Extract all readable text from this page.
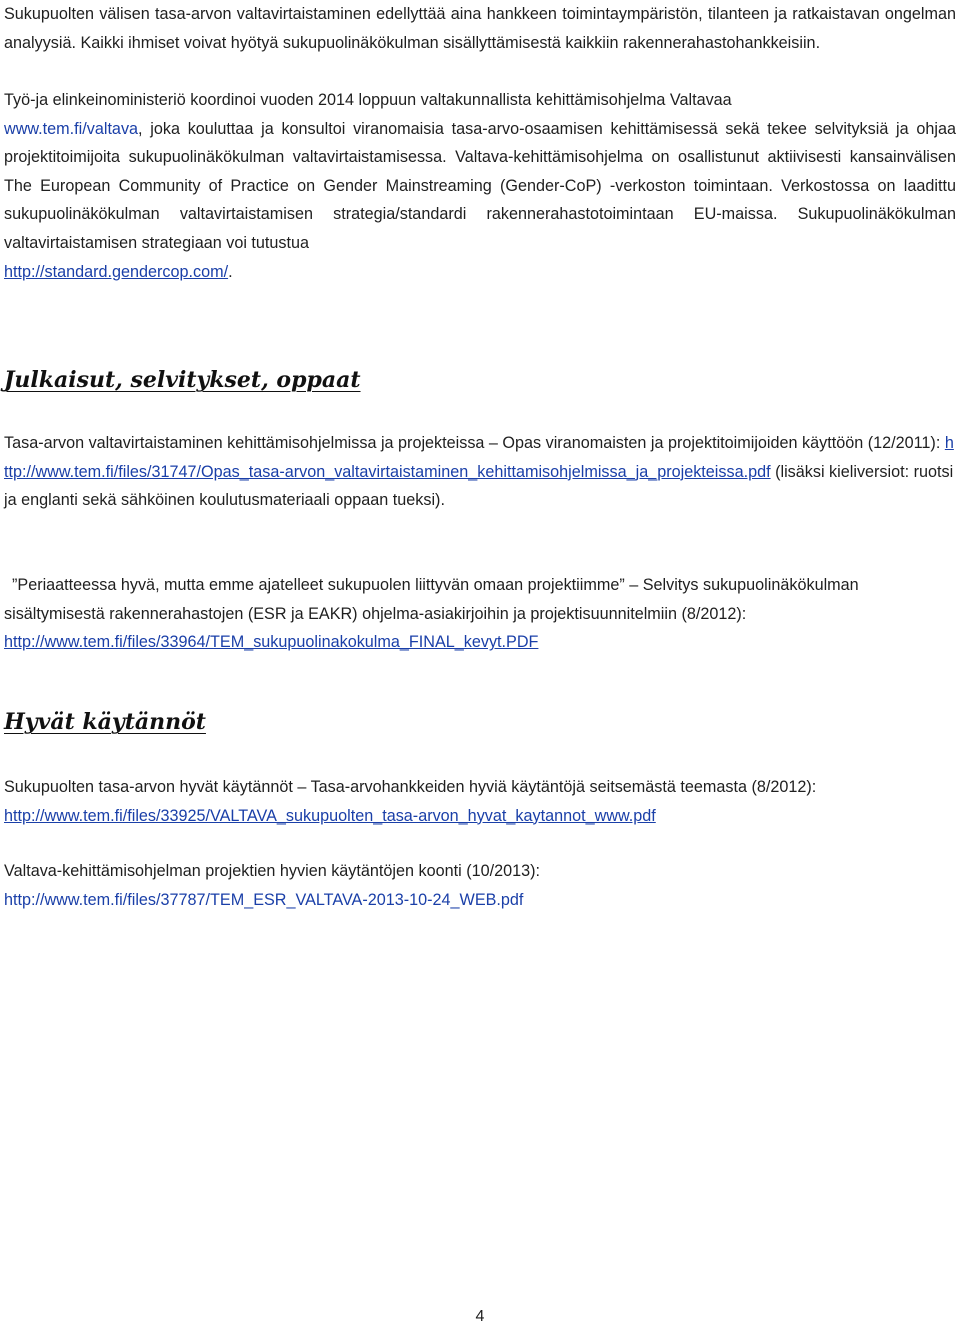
Sukupuolten välisen tasa-arvon valtavirtaistaminen edellyttää aina hankkeen toimintaympäristön, tilanteen ja ratkaistavan ongelman analyysiä. Kaikki ihmiset voivat hyötyä sukupuolinäkökulman sisällyttämisestä kaikkiin rakennerahastohankkeisiin.

Työ-ja elinkeinoministeriö koordinoi vuoden 2014 loppuun valtakunnallista kehittämisohjelma Valtavaa
www.tem.fi/valtava, joka kouluttaa ja konsultoi viranomaisia tasa-arvo-osaamisen kehittämisessä sekä tekee selvityksiä ja ohjaa projektitoimijoita sukupuolinäkökulman valtavirtaistamisessa. Valtava-kehittämisohjelma on osallistunut aktiivisesti kansainvälisen The European Community of Practice on Gender Mainstreaming (Gender-CoP) -verkoston toimintaan. Verkostossa on laadittu sukupuolinäkökulman valtavirtaistamisen strategia/standardi rakennerahastotoimintaan EU-maissa. Sukupuolinäkökulman valtavirtaistamisen strategiaan voi tutustua
http://standard.gendercop.com/.

Julkaisut, selvitykset, oppaat

Tasa-arvon valtavirtaistaminen kehittämisohjelmissa ja projekteissa – Opas viranomaisten ja projektitoimijoiden käyttöön (12/2011): http://www.tem.fi/files/31747/Opas_tasa-arvon_valtavirtaistaminen_kehittamisohjelmissa_ja_projekteissa.pdf (lisäksi kieliversiot: ruotsi ja englanti sekä sähköinen koulutusmateriaali oppaan tueksi).

”Periaatteessa hyvä, mutta emme ajatelleet sukupuolen liittyvän omaan projektiimme” – Selvitys sukupuolinäkökulman sisältymisestä rakennerahastojen (ESR ja EAKR) ohjelma-asiakirjoihin ja projektisuunnitelmiin (8/2012): http://www.tem.fi/files/33964/TEM_sukupuolinakokulma_FINAL_kevyt.PDF

Hyvät käytännöt

Sukupuolten tasa-arvon hyvät käytännöt – Tasa-arvohankkeiden hyviä käytäntöjä seitsemästä teemasta (8/2012):
http://www.tem.fi/files/33925/VALTAVA_sukupuolten_tasa-arvon_hyvat_kaytannot_www.pdf

Valtava-kehittämisohjelman projektien hyvien käytäntöjen koonti (10/2013):
http://www.tem.fi/files/37787/TEM_ESR_VALTAVA-2013-10-24_WEB.pdf

4
